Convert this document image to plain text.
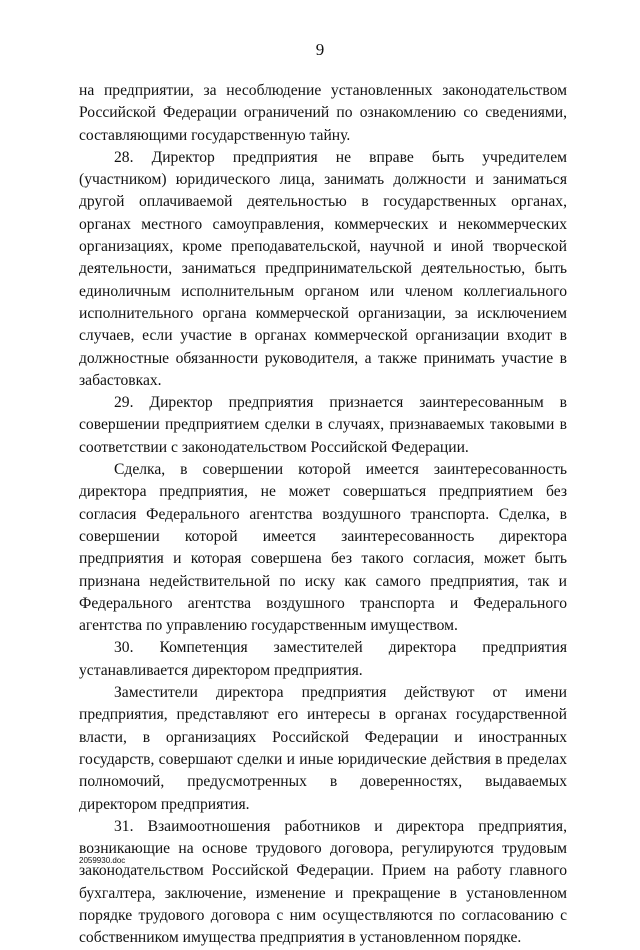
9

на предприятии, за несоблюдение установленных законодательством Российской Федерации ограничений по ознакомлению со сведениями, составляющими государственную тайну.

28. Директор предприятия не вправе быть учредителем (участником) юридического лица, занимать должности и заниматься другой оплачиваемой деятельностью в государственных органах, органах местного самоуправления, коммерческих и некоммерческих организациях, кроме преподавательской, научной и иной творческой деятельности, заниматься предпринимательской деятельностью, быть единоличным исполнительным органом или членом коллегиального исполнительного органа коммерческой организации, за исключением случаев, если участие в органах коммерческой организации входит в должностные обязанности руководителя, а также принимать участие в забастовках.

29. Директор предприятия признается заинтересованным в совершении предприятием сделки в случаях, признаваемых таковыми в соответствии с законодательством Российской Федерации.

Сделка, в совершении которой имеется заинтересованность директора предприятия, не может совершаться предприятием без согласия Федерального агентства воздушного транспорта. Сделка, в совершении которой имеется заинтересованность директора предприятия и которая совершена без такого согласия, может быть признана недействительной по иску как самого предприятия, так и Федерального агентства воздушного транспорта и Федерального агентства по управлению государственным имуществом.

30. Компетенция заместителей директора предприятия устанавливается директором предприятия.

Заместители директора предприятия действуют от имени предприятия, представляют его интересы в органах государственной власти, в организациях Российской Федерации и иностранных государств, совершают сделки и иные юридические действия в пределах полномочий, предусмотренных в доверенностях, выдаваемых директором предприятия.

31. Взаимоотношения работников и директора предприятия, возникающие на основе трудового договора, регулируются трудовым законодательством Российской Федерации. Прием на работу главного бухгалтера, заключение, изменение и прекращение в установленном порядке трудового договора с ним осуществляются по согласованию с собственником имущества предприятия в установленном порядке.

2059930.doc
